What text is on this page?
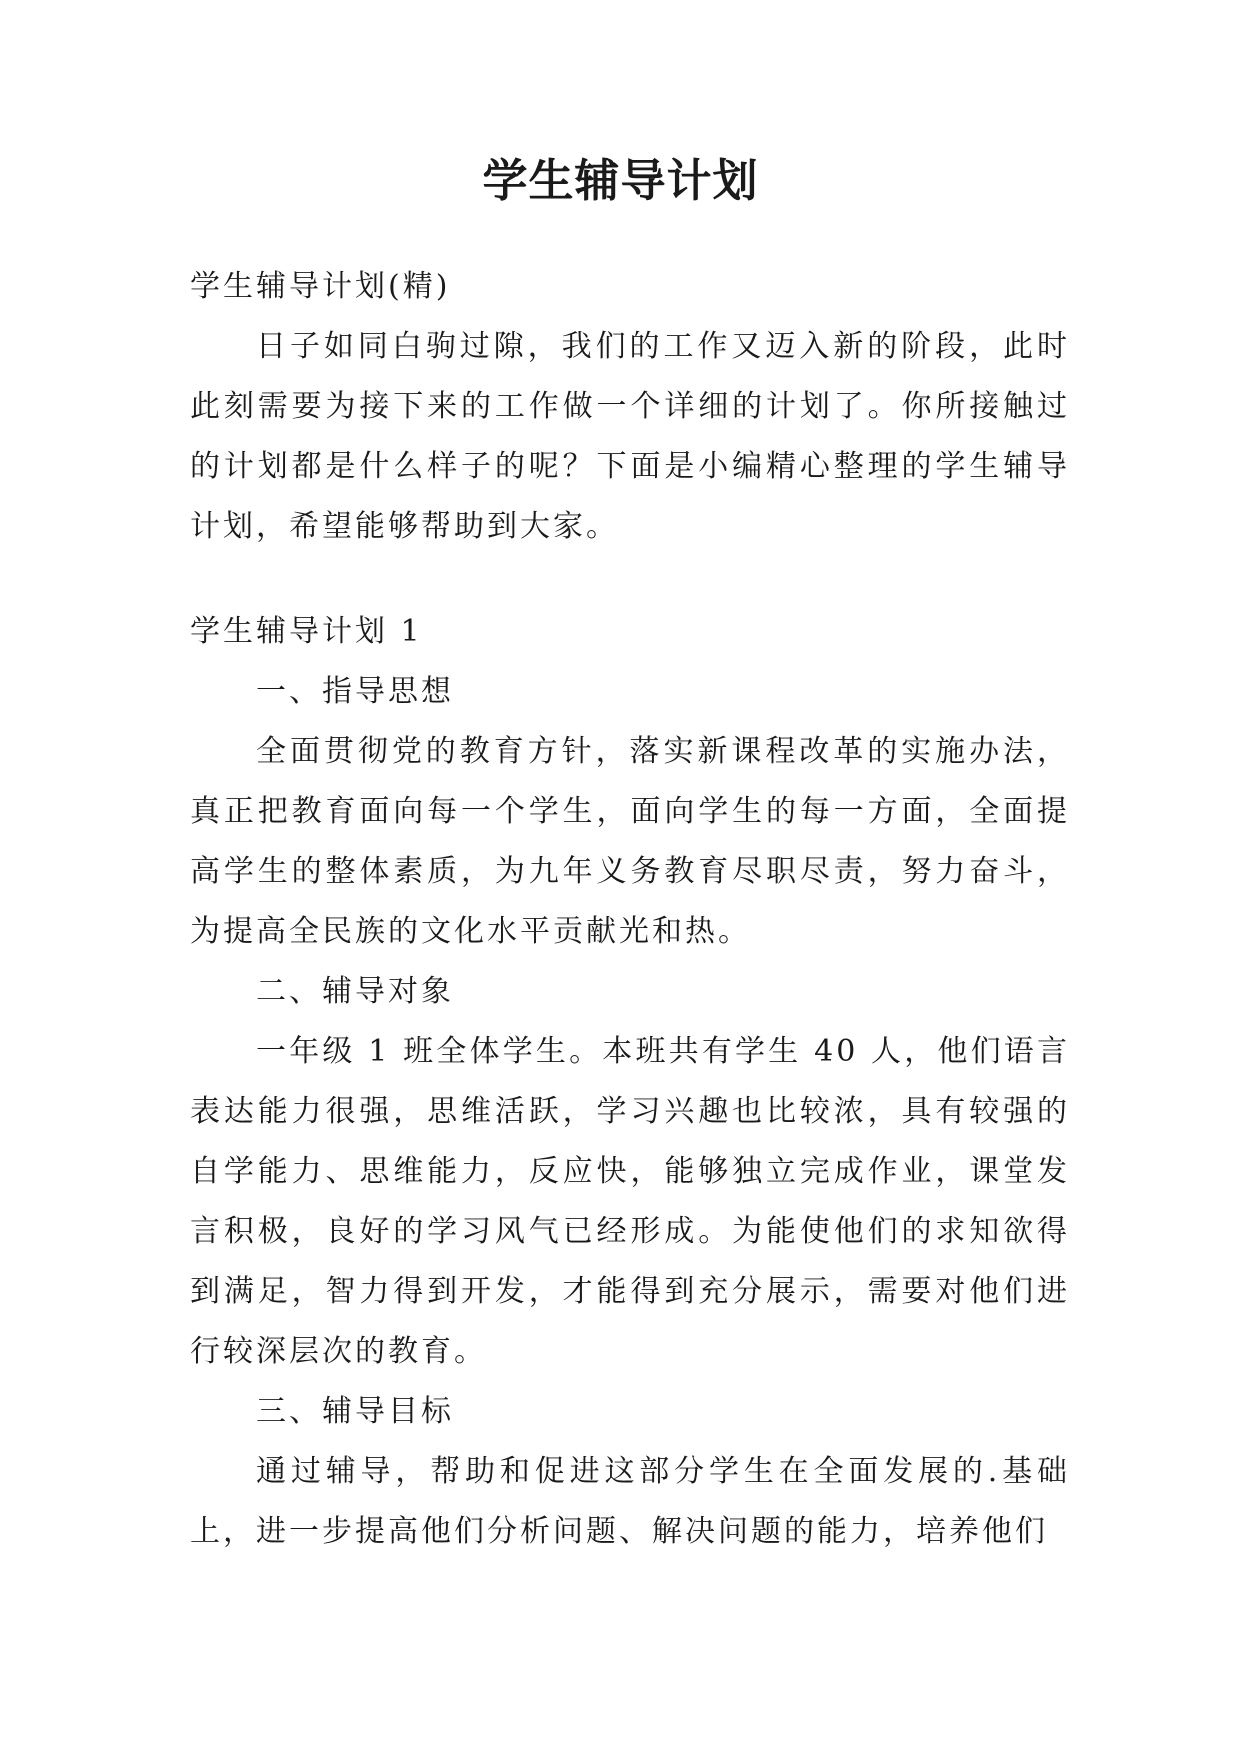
学生辅导计划

学生辅导计划(精)

日子如同白驹过隙，我们的工作又迈入新的阶段，此时此刻需要为接下来的工作做一个详细的计划了。你所接触过的计划都是什么样子的呢？下面是小编精心整理的学生辅导计划，希望能够帮助到大家。

学生辅导计划 1

一、指导思想

全面贯彻党的教育方针，落实新课程改革的实施办法，真正把教育面向每一个学生，面向学生的每一方面，全面提高学生的整体素质，为九年义务教育尽职尽责，努力奋斗，为提高全民族的文化水平贡献光和热。

二、辅导对象

一年级 1 班全体学生。本班共有学生 40 人，他们语言表达能力很强，思维活跃，学习兴趣也比较浓，具有较强的自学能力、思维能力，反应快，能够独立完成作业，课堂发言积极，良好的学习风气已经形成。为能使他们的求知欲得到满足，智力得到开发，才能得到充分展示，需要对他们进行较深层次的教育。

三、辅导目标

通过辅导，帮助和促进这部分学生在全面发展的.基础上，进一步提高他们分析问题、解决问题的能力，培养他们
